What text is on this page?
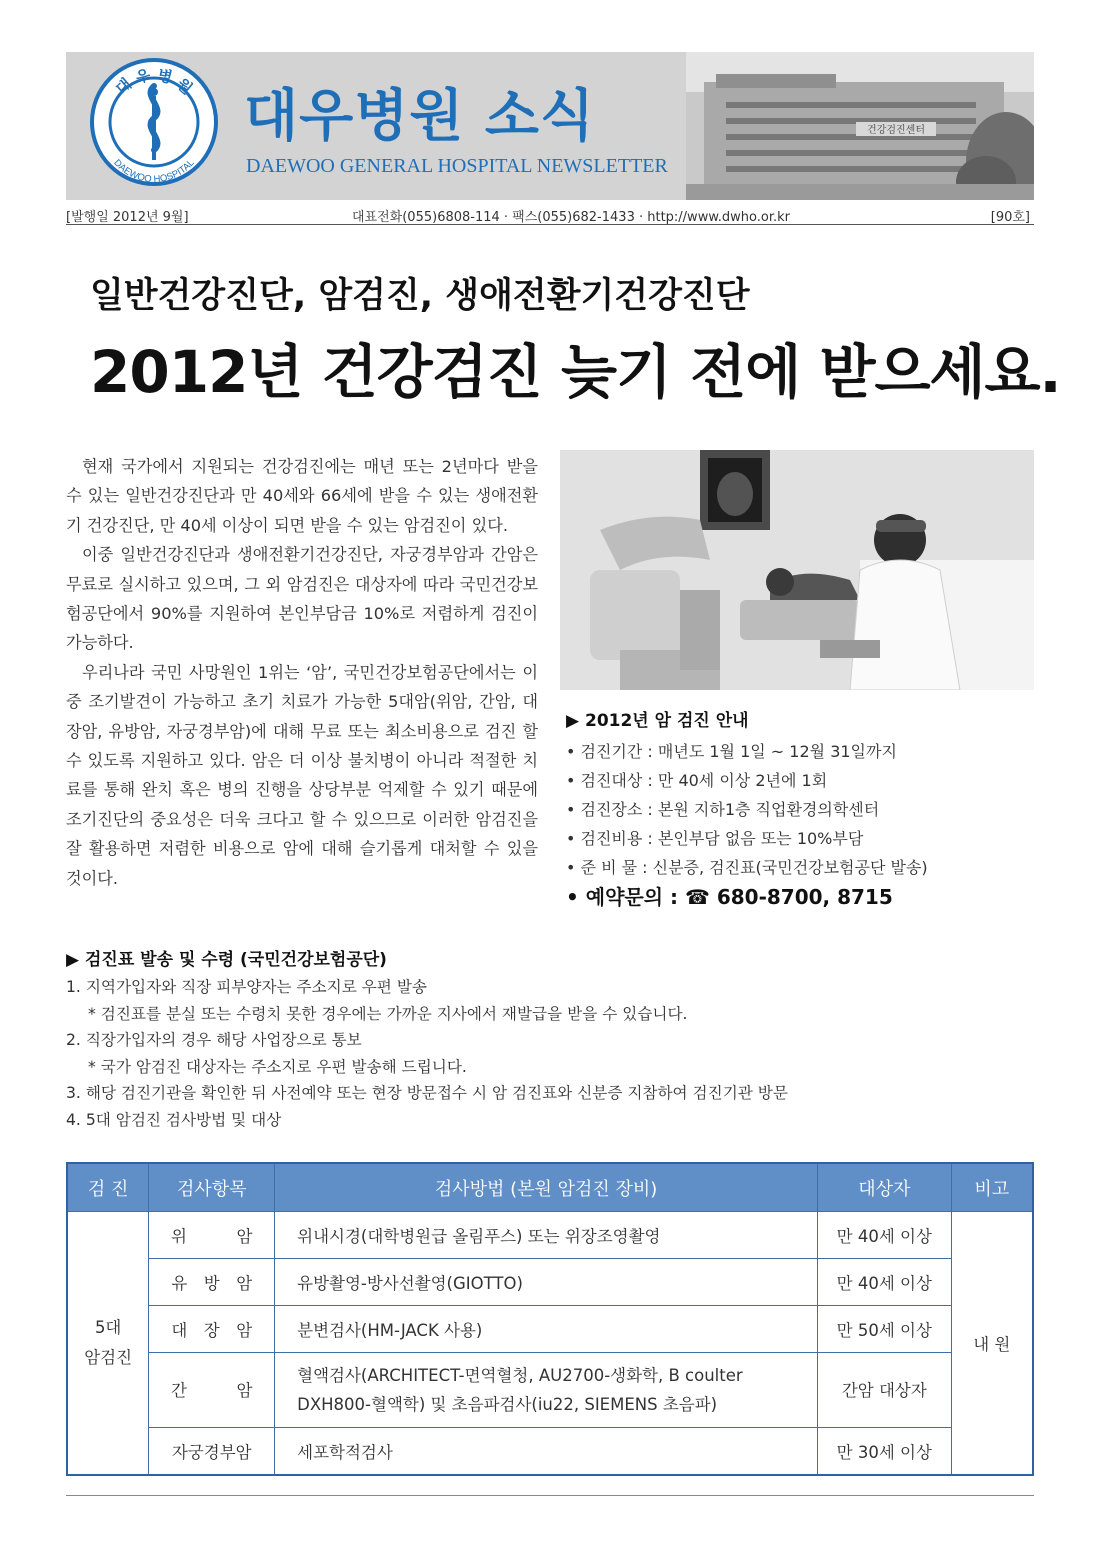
대 우 병 원
DAEWOO HOSPITAL
대우병원 소식
DAEWOO GENERAL HOSPITAL NEWSLETTER
건강검진센터
[발행일 2012년 9월]	대표전화(055)6808-114 · 팩스(055)682-1433 · http://www.dwho.or.kr	[90호]
일반건강진단, 암검진, 생애전환기건강진단
2012년 건강검진 늦기 전에 받으세요.

현재 국가에서 지원되는 건강검진에는 매년 또는 2년마다 받을 수 있는 일반건강진단과 만 40세와 66세에 받을 수 있는 생애전환기 건강진단, 만 40세 이상이 되면 받을 수 있는 암검진이 있다.

이중 일반건강진단과 생애전환기건강진단, 자궁경부암과 간암은 무료로 실시하고 있으며, 그 외 암검진은 대상자에 따라 국민건강보험공단에서 90%를 지원하여 본인부담금 10%로 저렴하게 검진이 가능하다.

우리나라 국민 사망원인 1위는 ‘암’, 국민건강보험공단에서는 이중 조기발견이 가능하고 초기 치료가 가능한 5대암(위암, 간암, 대장암, 유방암, 자궁경부암)에 대해 무료 또는 최소비용으로 검진 할 수 있도록 지원하고 있다. 암은 더 이상 불치병이 아니라 적절한 치료를 통해 완치 혹은 병의 진행을 상당부분 억제할 수 있기 때문에 조기진단의 중요성은 더욱 크다고 할 수 있으므로 이러한 암검진을 잘 활용하면 저렴한 비용으로 암에 대해 슬기롭게 대처할 수 있을 것이다.

▶ 2012년 암 검진 안내
• 검진기간 : 매년도 1월 1일 ~ 12월 31일까지
• 검진대상 : 만 40세 이상 2년에 1회
• 검진장소 : 본원 지하1층 직업환경의학센터
• 검진비용 : 본인부담 없음 또는 10%부담
• 준 비 물 : 신분증, 검진표(국민건강보험공단 발송)
• 예약문의 : ☎ 680-8700, 8715
▶ 검진표 발송 및 수령 (국민건강보험공단)
1. 지역가입자와 직장 피부양자는 주소지로 우편 발송
* 검진표를 분실 또는 수령치 못한 경우에는 가까운 지사에서 재발급을 받을 수 있습니다.
2. 직장가입자의 경우 해당 사업장으로 통보
* 국가 암검진 대상자는 주소지로 우편 발송해 드립니다.
3. 해당 검진기관을 확인한 뒤 사전예약 또는 현장 방문접수 시 암 검진표와 신분증 지참하여 검진기관 방문
4. 5대 암검진 검사방법 및 대상
검 진	검사항목	검사방법 (본원 암검진 장비)	대상자	비고

5대
암검진	위　　　암	위내시경(대학병원급 올림푸스) 또는 위장조영촬영	만 40세 이상	내 원
	유　방　암	유방촬영-방사선촬영(GIOTTO)	만 40세 이상	
	대　장　암	분변검사(HM-JACK 사용)	만 50세 이상	
	간　　　암	혈액검사(ARCHITECT-면역혈청, AU2700-생화학, B coulter DXH800-혈액학) 및 초음파검사(iu22, SIEMENS 초음파)	간암 대상자	
	자궁경부암	세포학적검사	만 30세 이상	
